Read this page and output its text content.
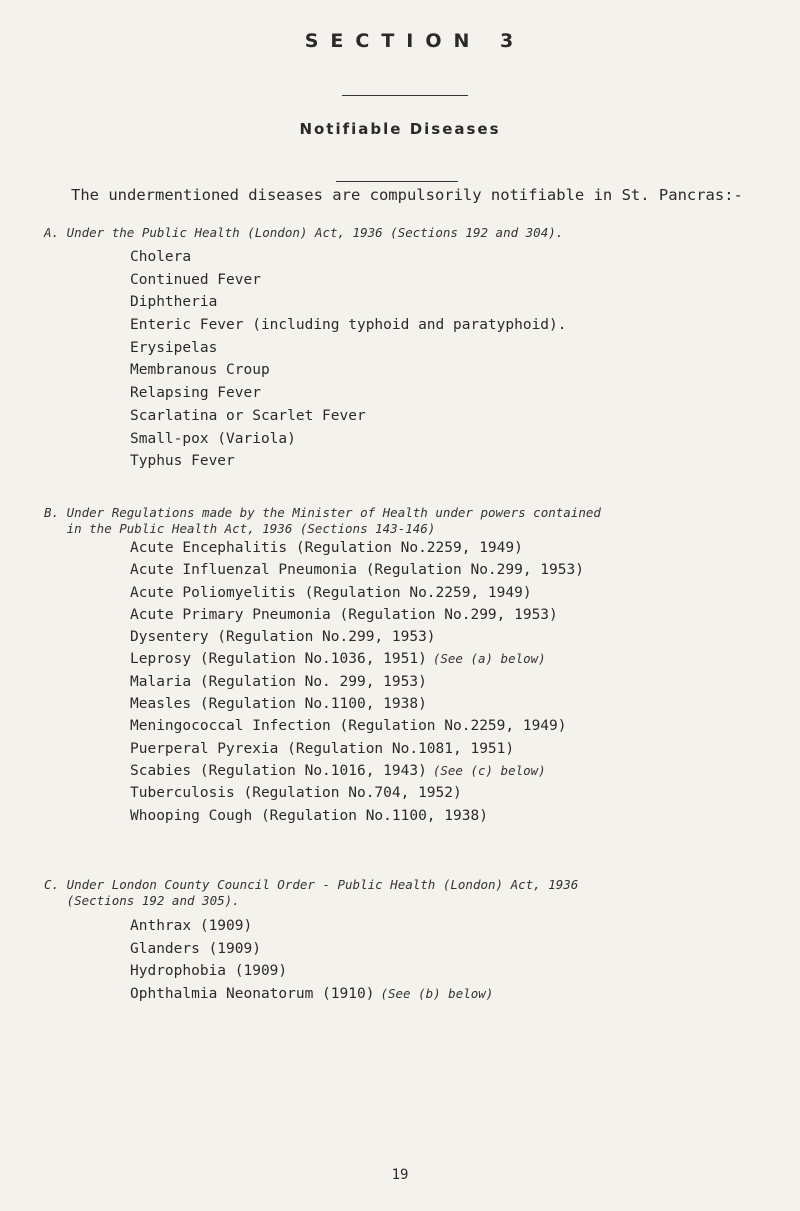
SECTION 3
Notifiable Diseases
The undermentioned diseases are compulsorily notifiable in St. Pancras:-
A. Under the Public Health (London) Act, 1936 (Sections 192 and 304).
Cholera
Continued Fever
Diphtheria
Enteric Fever (including typhoid and paratyphoid).
Erysipelas
Membranous Croup
Relapsing Fever
Scarlatina or Scarlet Fever
Small-pox (Variola)
Typhus Fever
B. Under Regulations made by the Minister of Health under powers contained
in the Public Health Act, 1936 (Sections 143-146)
Acute Encephalitis (Regulation No.2259, 1949)
Acute Influenzal Pneumonia (Regulation No.299, 1953)
Acute Poliomyelitis (Regulation No.2259, 1949)
Acute Primary Pneumonia (Regulation No.299, 1953)
Dysentery (Regulation No.299, 1953)
Leprosy (Regulation No.1036, 1951) (See (a) below)
Malaria (Regulation No. 299, 1953)
Measles (Regulation No.1100, 1938)
Meningococcal Infection (Regulation No.2259, 1949)
Puerperal Pyrexia (Regulation No.1081, 1951)
Scabies (Regulation No.1016, 1943) (See (c) below)
Tuberculosis (Regulation No.704, 1952)
Whooping Cough (Regulation No.1100, 1938)
C. Under London County Council Order - Public Health (London) Act, 1936
(Sections 192 and 305).
Anthrax (1909)
Glanders (1909)
Hydrophobia (1909)
Ophthalmia Neonatorum (1910) (See (b) below)
19
